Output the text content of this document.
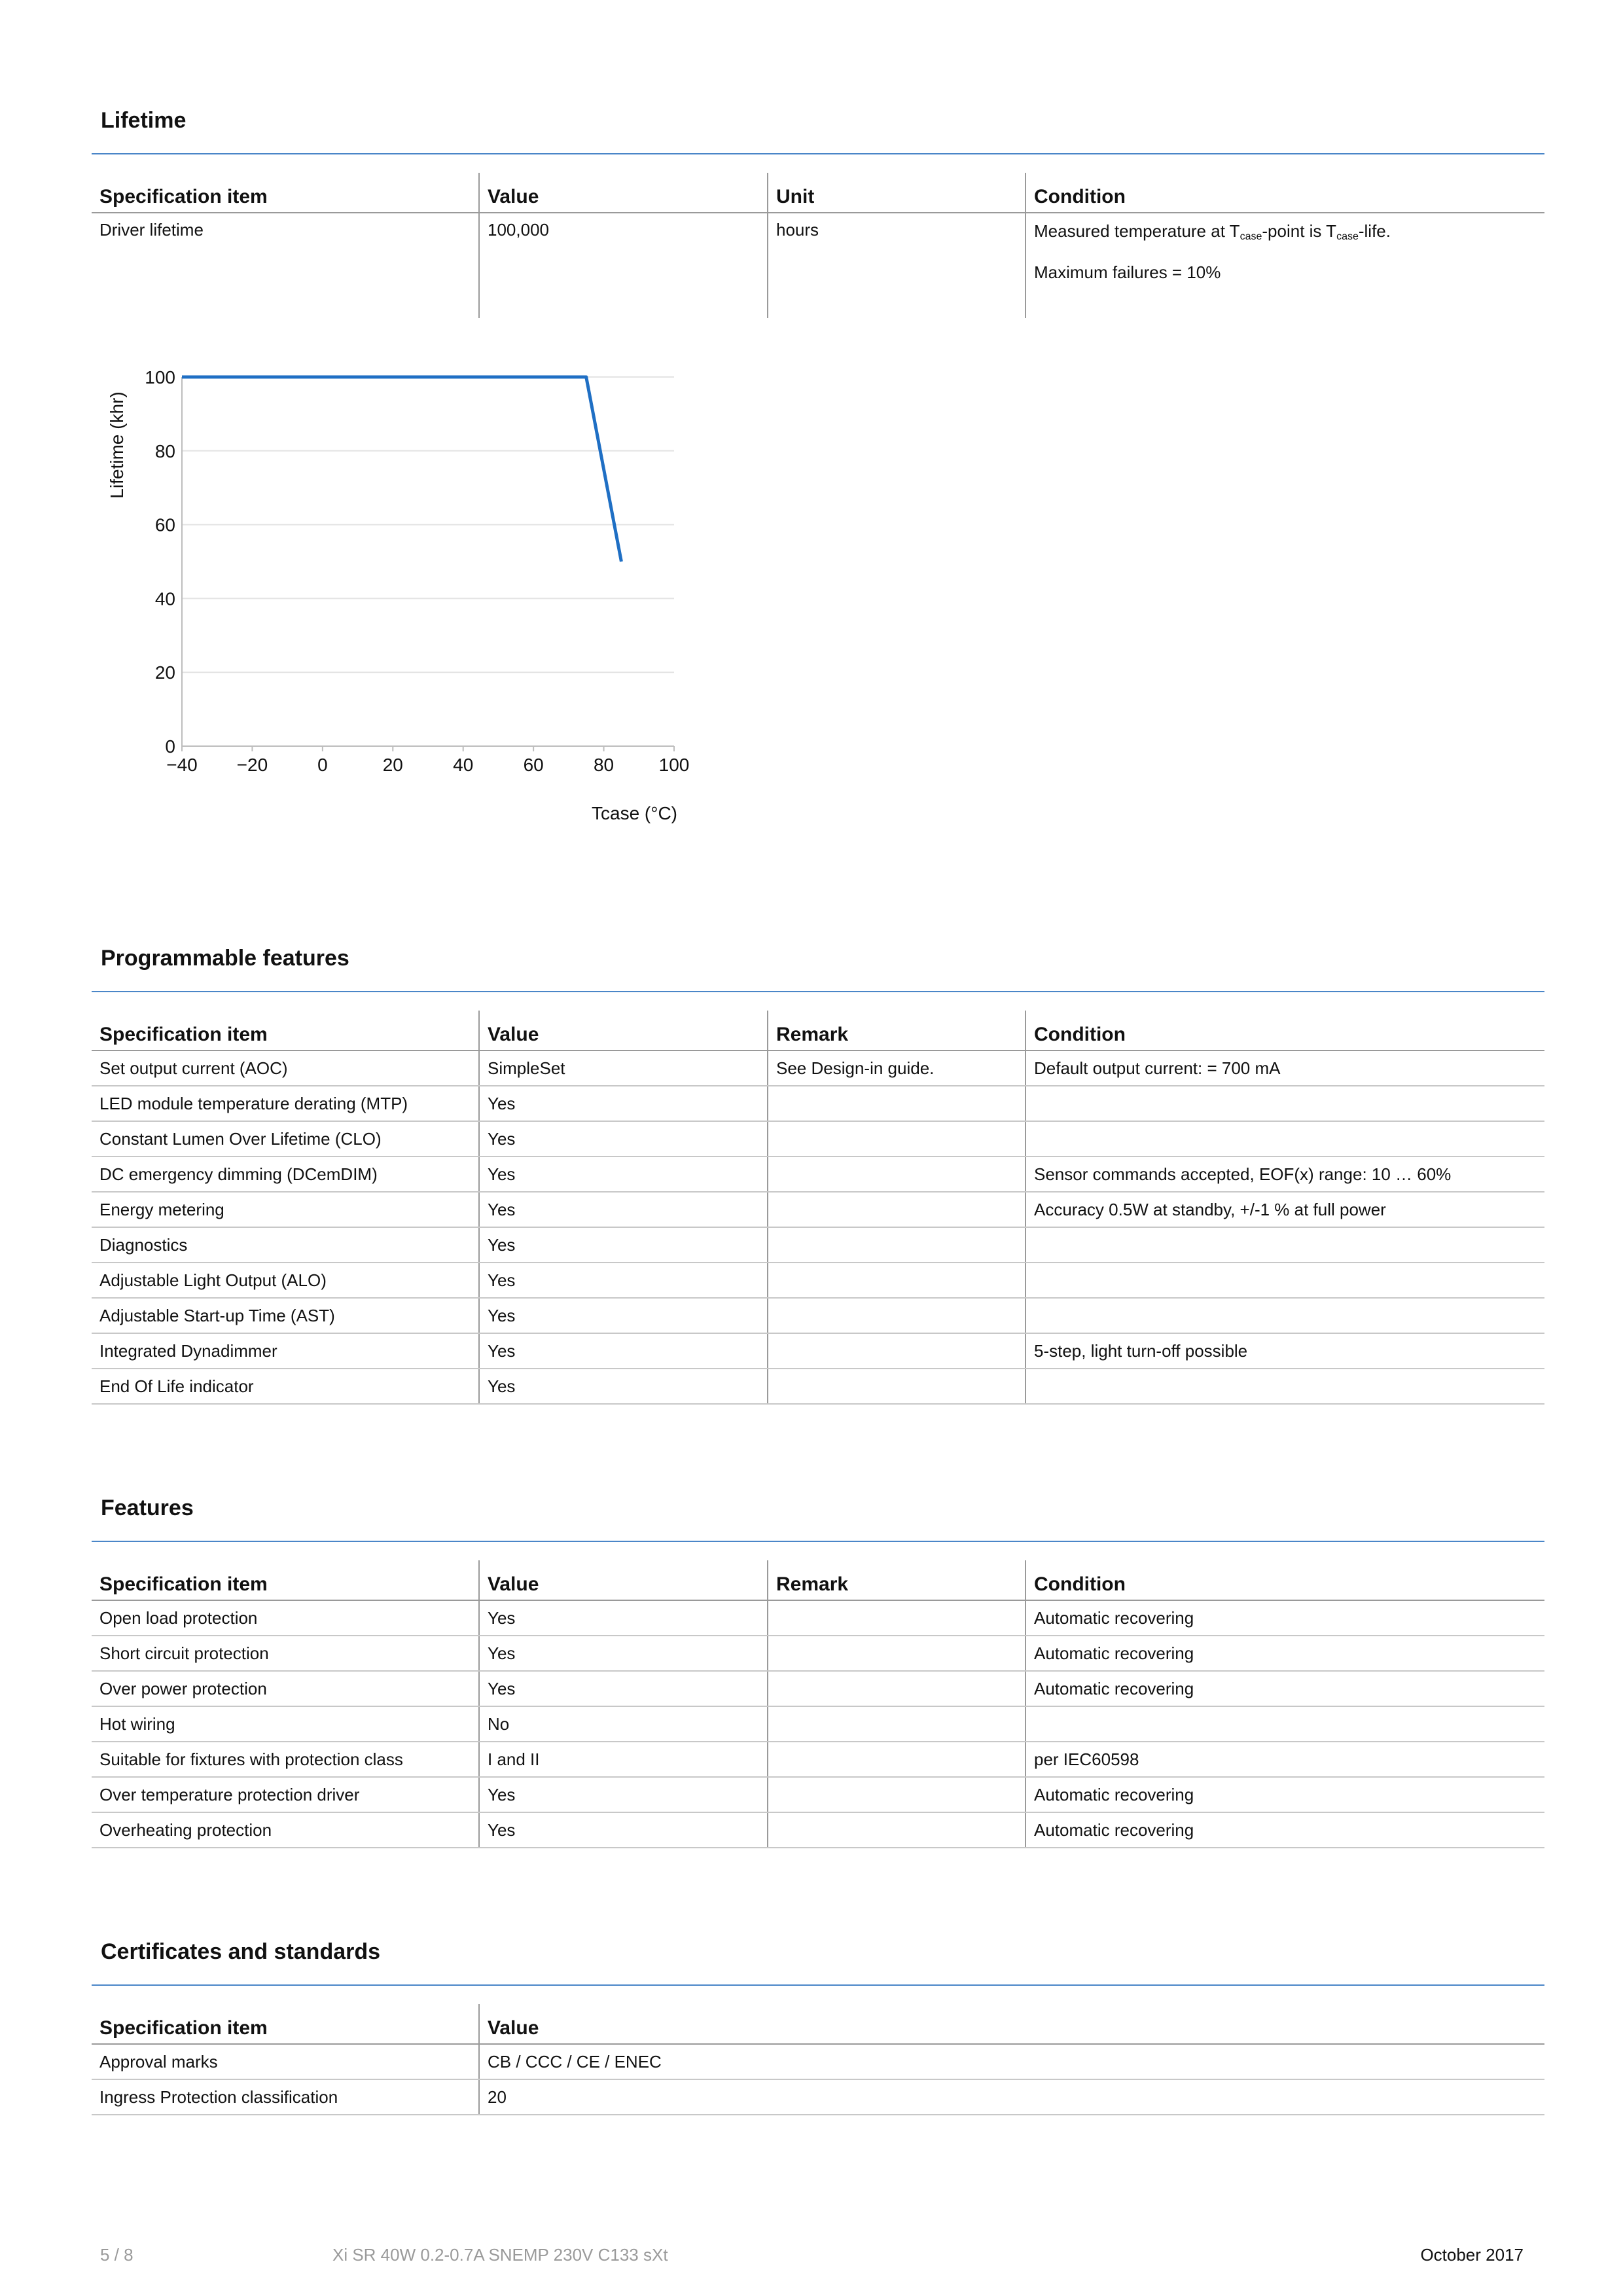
Lifetime
Specification item	Value	Unit	Condition
Driver lifetime	100,000	hours	Measured temperature at $T_{case}$-point is $T_{case}$-life.
Maximum failures = 10%
0
20
40
60
80
100
−40 −20	0	20	40	60	80 100
Lifetime (khr)
Tcase (°C)
Programmable features
Specification item	Value	Remark	Condition
Set output current (AOC)	SimpleSet	See Design-in guide.	Default output current: = 700 mA
LED module temperature derating (MTP)	Yes		
Constant Lumen Over Lifetime (CLO)	Yes		
DC emergency dimming (DCemDIM)	Yes		Sensor commands accepted, EOF(x) range: 10 … 60%
Energy metering	Yes		Accuracy 0.5W at standby, +/-1 % at full power
Diagnostics	Yes		
Adjustable Light Output (ALO)	Yes		
Adjustable Start-up Time (AST)	Yes		
Integrated Dynadimmer	Yes		5-step, light turn-off possible
End Of Life indicator	Yes		
Features
Specification item	Value	Remark	Condition
Open load protection	Yes		Automatic recovering
Short circuit protection	Yes		Automatic recovering
Over power protection	Yes		Automatic recovering
Hot wiring	No		
Suitable for fixtures with protection class	I and II		per IEC60598
Over temperature protection driver	Yes		Automatic recovering
Overheating protection	Yes		Automatic recovering
Certificates and standards
Specification item	Value
Approval marks	CB / CCC / CE / ENEC
Ingress Protection classification	20
5 / 8	Xi SR 40W 0.2-0.7A SNEMP 230V C133 sXt	October 2017
